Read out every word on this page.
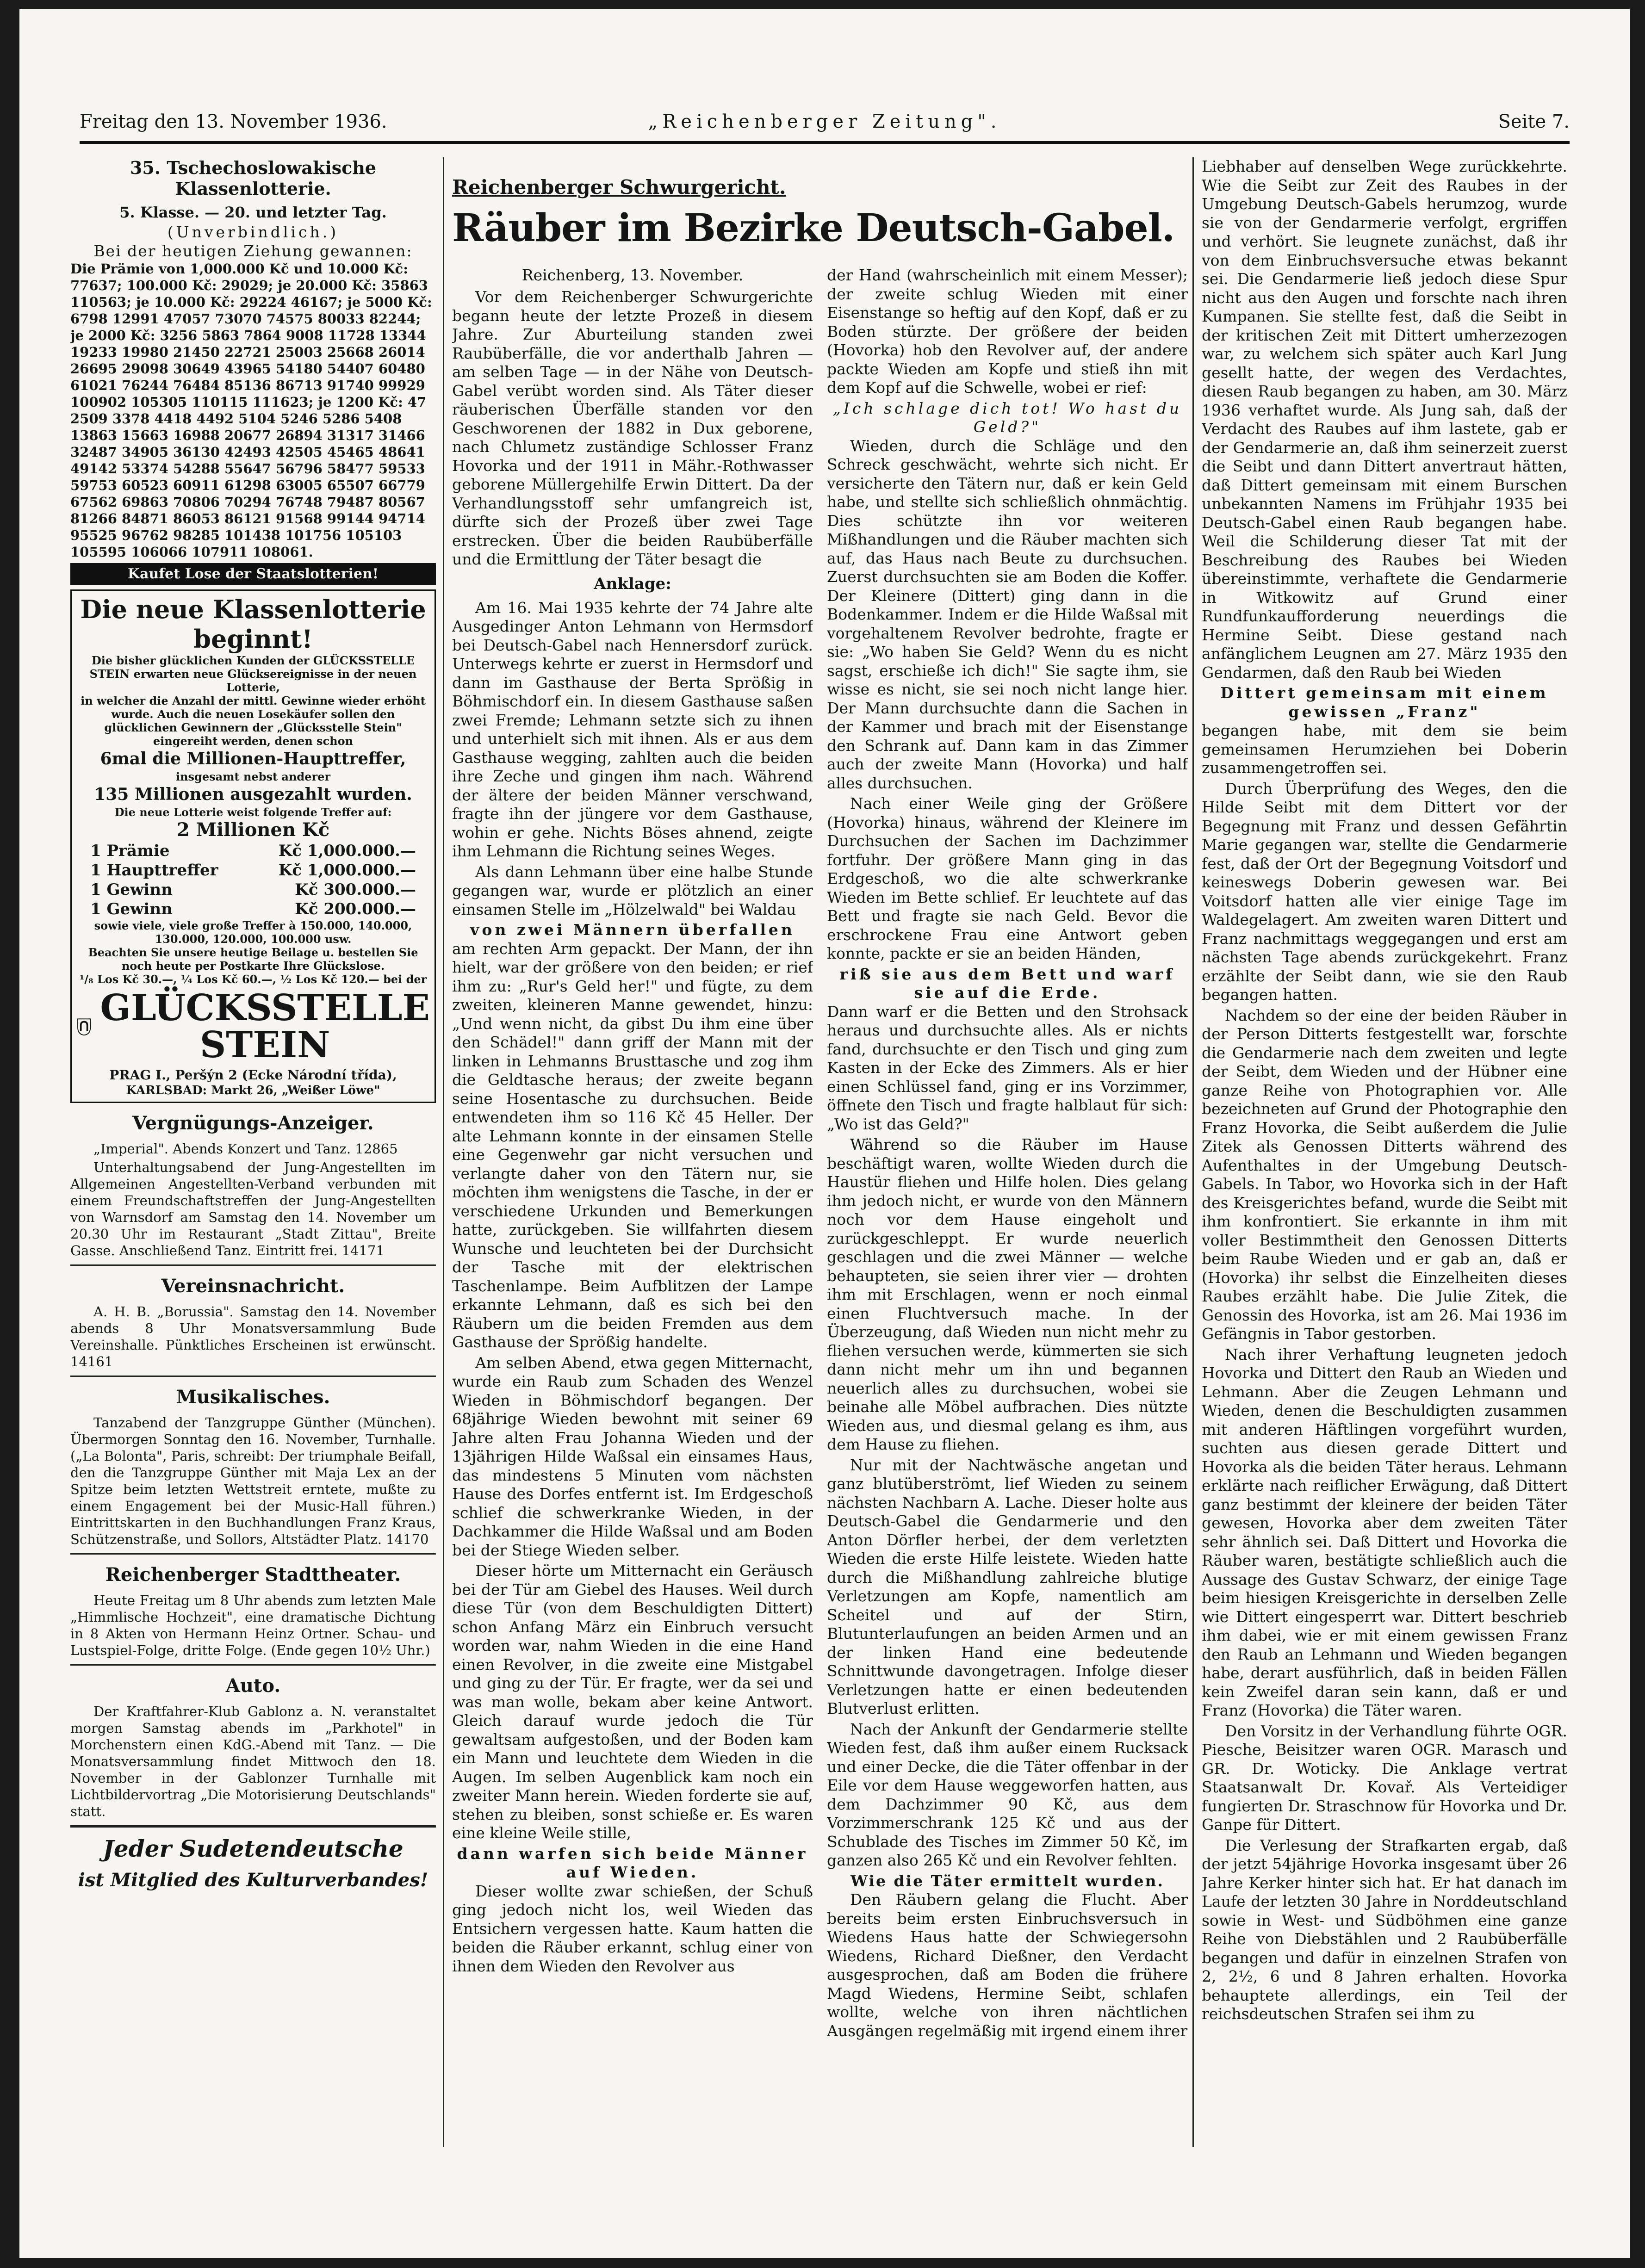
Freitag den 13. November 1936.	„Reichenberger Zeitung".	Seite 7.
35. Tschechoslowakische Klassenlotterie.
5. Klasse. — 20. und letzter Tag.
(Unverbindlich.)
Bei der heutigen Ziehung gewannen:
Die Prämie von 1,000.000 Kč und 10.000 Kč: 77637; 100.000 Kč: 29029; je 20.000 Kč: 35863 110563; je 10.000 Kč: 29224 46167; je 5000 Kč: 6798 12991 47057 73070 74575 80033 82244; je 2000 Kč: 3256 5863 7864 9008 11728 13344 19233 19980 21450 22721 25003 25668 26014 26695 29098 30649 43965 54180 54407 60480 61021 76244 76484 85136 86713 91740 99929 100902 105305 110115 111623; je 1200 Kč: 47 2509 3378 4418 4492 5104 5246 5286 5408 13863 15663 16988 20677 26894 31317 31466 32487 34905 36130 42493 42505 45465 48641 49142 53374 54288 55647 56796 58477 59533 59753 60523 60911 61298 63005 65507 66779 67562 69863 70806 70294 76748 79487 80567 81266 84871 86053 86121 91568 99144 94714 95525 96762 98285 101438 101756 105103 105595 106066 107911 108061.
Kaufet Lose der Staatslotterien!
Die neue Klassenlotterie beginnt!
Die bisher glücklichen Kunden der GLÜCKSSTELLE STEIN erwarten neue Glücksereignisse in der neuen Lotterie,
in welcher die Anzahl der mittl. Gewinne wieder erhöht wurde. Auch die neuen Losekäufer sollen den glücklichen Gewinnern der „Glücksstelle Stein" eingereiht werden, denen schon
6mal die Millionen-Haupttreffer,
insgesamt nebst anderer
135 Millionen ausgezahlt wurden.
Die neue Lotterie weist folgende Treffer auf:
2 Millionen Kč
1 Prämie	Kč 1,000.000.—
1 Haupttreffer	Kč 1,000.000.—
1 Gewinn	Kč 300.000.—
1 Gewinn	Kč 200.000.—
sowie viele, viele große Treffer à 150.000, 140.000, 130.000, 120.000, 100.000 usw.
Beachten Sie unsere heutige Beilage u. bestellen Sie noch heute per Postkarte Ihre Glückslose.
¹/₈ Los Kč 30.—, ¼ Los Kč 60.—, ½ Los Kč 120.— bei der
GLÜCKSSTELLE STEIN
PRAG I., Peršýn 2 (Ecke Národní třída),
KARLSBAD: Markt 26, „Weißer Löwe"
Vergnügungs-Anzeiger.

„Imperial". Abends Konzert und Tanz. 12865

Unterhaltungsabend der Jung-Angestellten im Allgemeinen Angestellten-Verband verbunden mit einem Freundschaftstreffen der Jung-Angestellten von Warnsdorf am Samstag den 14. November um 20.30 Uhr im Restaurant „Stadt Zittau", Breite Gasse. Anschließend Tanz. Eintritt frei. 14171

Vereinsnachricht.

A. H. B. „Borussia". Samstag den 14. November abends 8 Uhr Monatsversammlung Bude Vereinshalle. Pünktliches Erscheinen ist erwünscht. 14161

Musikalisches.

Tanzabend der Tanzgruppe Günther (München). Übermorgen Sonntag den 16. November, Turnhalle. („La Bolonta", Paris, schreibt: Der triumphale Beifall, den die Tanzgruppe Günther mit Maja Lex an der Spitze beim letzten Wettstreit erntete, mußte zu einem Engagement bei der Music-Hall führen.) Eintrittskarten in den Buchhandlungen Franz Kraus, Schützenstraße, und Sollors, Altstädter Platz. 14170

Reichenberger Stadttheater.

Heute Freitag um 8 Uhr abends zum letzten Male „Himmlische Hochzeit", eine dramatische Dichtung in 8 Akten von Hermann Heinz Ortner. Schau- und Lustspiel-Folge, dritte Folge. (Ende gegen 10½ Uhr.)

Auto.

Der Kraftfahrer-Klub Gablonz a. N. veranstaltet morgen Samstag abends im „Parkhotel" in Morchenstern einen KdG.-Abend mit Tanz. — Die Monatsversammlung findet Mittwoch den 18. November in der Gablonzer Turnhalle mit Lichtbildervortrag „Die Motorisierung Deutschlands" statt.

Jeder Sudetendeutsche
ist Mitglied des Kulturverbandes!
Reichenberger Schwurgericht.
Räuber im Bezirke Deutsch-Gabel.
Reichenberg, 13. November.

Vor dem Reichenberger Schwurgerichte begann heute der letzte Prozeß in diesem Jahre. Zur Aburteilung standen zwei Raubüberfälle, die vor anderthalb Jahren — am selben Tage — in der Nähe von Deutsch-Gabel verübt worden sind. Als Täter dieser räuberischen Überfälle standen vor den Geschworenen der 1882 in Dux geborene, nach Chlumetz zuständige Schlosser Franz Hovorka und der 1911 in Mähr.-Rothwasser geborene Müllergehilfe Erwin Dittert. Da der Verhandlungsstoff sehr umfangreich ist, dürfte sich der Prozeß über zwei Tage erstrecken. Über die beiden Raubüberfälle und die Ermittlung der Täter besagt die

Anklage:

Am 16. Mai 1935 kehrte der 74 Jahre alte Ausgedinger Anton Lehmann von Hermsdorf bei Deutsch-Gabel nach Hennersdorf zurück. Unterwegs kehrte er zuerst in Hermsdorf und dann im Gasthause der Berta Sprößig in Böhmischdorf ein. In diesem Gasthause saßen zwei Fremde; Lehmann setzte sich zu ihnen und unterhielt sich mit ihnen. Als er aus dem Gasthause wegging, zahlten auch die beiden ihre Zeche und gingen ihm nach. Während der ältere der beiden Männer verschwand, fragte ihn der jüngere vor dem Gasthause, wohin er gehe. Nichts Böses ahnend, zeigte ihm Lehmann die Richtung seines Weges.

Als dann Lehmann über eine halbe Stunde gegangen war, wurde er plötzlich an einer einsamen Stelle im „Hölzelwald" bei Waldau

von zwei Männern überfallen

am rechten Arm gepackt. Der Mann, der ihn hielt, war der größere von den beiden; er rief ihm zu: „Rur's Geld her!" und fügte, zu dem zweiten, kleineren Manne gewendet, hinzu: „Und wenn nicht, da gibst Du ihm eine über den Schädel!" dann griff der Mann mit der linken in Lehmanns Brusttasche und zog ihm die Geldtasche heraus; der zweite begann seine Hosentasche zu durchsuchen. Beide entwendeten ihm so 116 Kč 45 Heller. Der alte Lehmann konnte in der einsamen Stelle eine Gegenwehr gar nicht versuchen und verlangte daher von den Tätern nur, sie möchten ihm wenigstens die Tasche, in der er verschiedene Urkunden und Bemerkungen hatte, zurückgeben. Sie willfahrten diesem Wunsche und leuchteten bei der Durchsicht der Tasche mit der elektrischen Taschenlampe. Beim Aufblitzen der Lampe erkannte Lehmann, daß es sich bei den Räubern um die beiden Fremden aus dem Gasthause der Sprößig handelte.

Am selben Abend, etwa gegen Mitternacht, wurde ein Raub zum Schaden des Wenzel Wieden in Böhmischdorf begangen. Der 68jährige Wieden bewohnt mit seiner 69 Jahre alten Frau Johanna Wieden und der 13jährigen Hilde Waßsal ein einsames Haus, das mindestens 5 Minuten vom nächsten Hause des Dorfes entfernt ist. Im Erdgeschoß schlief die schwerkranke Wieden, in der Dachkammer die Hilde Waßsal und am Boden bei der Stiege Wieden selber.

Dieser hörte um Mitternacht ein Geräusch bei der Tür am Giebel des Hauses. Weil durch diese Tür (von dem Beschuldigten Dittert) schon Anfang März ein Einbruch versucht worden war, nahm Wieden in die eine Hand einen Revolver, in die zweite eine Mistgabel und ging zu der Tür. Er fragte, wer da sei und was man wolle, bekam aber keine Antwort. Gleich darauf wurde jedoch die Tür gewaltsam aufgestoßen, und der Boden kam ein Mann und leuchtete dem Wieden in die Augen. Im selben Augenblick kam noch ein zweiter Mann herein. Wieden forderte sie auf, stehen zu bleiben, sonst schieße er. Es waren eine kleine Weile stille,

dann warfen sich beide Männer auf Wieden.

Dieser wollte zwar schießen, der Schuß ging jedoch nicht los, weil Wieden das Entsichern vergessen hatte. Kaum hatten die beiden die Räuber erkannt, schlug einer von ihnen dem Wieden den Revolver aus

der Hand (wahrscheinlich mit einem Messer); der zweite schlug Wieden mit einer Eisenstange so heftig auf den Kopf, daß er zu Boden stürzte. Der größere der beiden (Hovorka) hob den Revolver auf, der andere packte Wieden am Kopfe und stieß ihn mit dem Kopf auf die Schwelle, wobei er rief:

„Ich schlage dich tot! Wo hast du Geld?"

Wieden, durch die Schläge und den Schreck geschwächt, wehrte sich nicht. Er versicherte den Tätern nur, daß er kein Geld habe, und stellte sich schließlich ohnmächtig. Dies schützte ihn vor weiteren Mißhandlungen und die Räuber machten sich auf, das Haus nach Beute zu durchsuchen. Zuerst durchsuchten sie am Boden die Koffer. Der Kleinere (Dittert) ging dann in die Bodenkammer. Indem er die Hilde Waßsal mit vorgehaltenem Revolver bedrohte, fragte er sie: „Wo haben Sie Geld? Wenn du es nicht sagst, erschieße ich dich!" Sie sagte ihm, sie wisse es nicht, sie sei noch nicht lange hier. Der Mann durchsuchte dann die Sachen in der Kammer und brach mit der Eisenstange den Schrank auf. Dann kam in das Zimmer auch der zweite Mann (Hovorka) und half alles durchsuchen.

Nach einer Weile ging der Größere (Hovorka) hinaus, während der Kleinere im Durchsuchen der Sachen im Dachzimmer fortfuhr. Der größere Mann ging in das Erdgeschoß, wo die alte schwerkranke Wieden im Bette schlief. Er leuchtete auf das Bett und fragte sie nach Geld. Bevor die erschrockene Frau eine Antwort geben konnte, packte er sie an beiden Händen,

riß sie aus dem Bett und warf sie auf die Erde.

Dann warf er die Betten und den Strohsack heraus und durchsuchte alles. Als er nichts fand, durchsuchte er den Tisch und ging zum Kasten in der Ecke des Zimmers. Als er hier einen Schlüssel fand, ging er ins Vorzimmer, öffnete den Tisch und fragte halblaut für sich: „Wo ist das Geld?"

Während so die Räuber im Hause beschäftigt waren, wollte Wieden durch die Haustür fliehen und Hilfe holen. Dies gelang ihm jedoch nicht, er wurde von den Männern noch vor dem Hause eingeholt und zurückgeschleppt. Er wurde neuerlich geschlagen und die zwei Männer — welche behaupteten, sie seien ihrer vier — drohten ihm mit Erschlagen, wenn er noch einmal einen Fluchtversuch mache. In der Überzeugung, daß Wieden nun nicht mehr zu fliehen versuchen werde, kümmerten sie sich dann nicht mehr um ihn und begannen neuerlich alles zu durchsuchen, wobei sie beinahe alle Möbel aufbrachen. Dies nützte Wieden aus, und diesmal gelang es ihm, aus dem Hause zu fliehen.

Nur mit der Nachtwäsche angetan und ganz blutüberströmt, lief Wieden zu seinem nächsten Nachbarn A. Lache. Dieser holte aus Deutsch-Gabel die Gendarmerie und den Anton Dörfler herbei, der dem verletzten Wieden die erste Hilfe leistete. Wieden hatte durch die Mißhandlung zahlreiche blutige Verletzungen am Kopfe, namentlich am Scheitel und auf der Stirn, Blutunterlaufungen an beiden Armen und an der linken Hand eine bedeutende Schnittwunde davongetragen. Infolge dieser Verletzungen hatte er einen bedeutenden Blutverlust erlitten.

Nach der Ankunft der Gendarmerie stellte Wieden fest, daß ihm außer einem Rucksack und einer Decke, die die Täter offenbar in der Eile vor dem Hause weggeworfen hatten, aus dem Dachzimmer 90 Kč, aus dem Vorzimmerschrank 125 Kč und aus der Schublade des Tisches im Zimmer 50 Kč, im ganzen also 265 Kč und ein Revolver fehlten.

Wie die Täter ermittelt wurden.

Den Räubern gelang die Flucht. Aber bereits beim ersten Einbruchsversuch in Wiedens Haus hatte der Schwiegersohn Wiedens, Richard Dießner, den Verdacht ausgesprochen, daß am Boden die frühere Magd Wiedens, Hermine Seibt, schlafen wollte, welche von ihren nächtlichen Ausgängen regelmäßig mit irgend einem ihrer

Liebhaber auf denselben Wege zurückkehrte. Wie die Seibt zur Zeit des Raubes in der Umgebung Deutsch-Gabels herumzog, wurde sie von der Gendarmerie verfolgt, ergriffen und verhört. Sie leugnete zunächst, daß ihr von dem Einbruchsversuche etwas bekannt sei. Die Gendarmerie ließ jedoch diese Spur nicht aus den Augen und forschte nach ihren Kumpanen. Sie stellte fest, daß die Seibt in der kritischen Zeit mit Dittert umherzezogen war, zu welchem sich später auch Karl Jung gesellt hatte, der wegen des Verdachtes, diesen Raub begangen zu haben, am 30. März 1936 verhaftet wurde. Als Jung sah, daß der Verdacht des Raubes auf ihm lastete, gab er der Gendarmerie an, daß ihm seinerzeit zuerst die Seibt und dann Dittert anvertraut hätten, daß Dittert gemeinsam mit einem Burschen unbekannten Namens im Frühjahr 1935 bei Deutsch-Gabel einen Raub begangen habe. Weil die Schilderung dieser Tat mit der Beschreibung des Raubes bei Wieden übereinstimmte, verhaftete die Gendarmerie in Witkowitz auf Grund einer Rundfunkaufforderung neuerdings die Hermine Seibt. Diese gestand nach anfänglichem Leugnen am 27. März 1935 den Gendarmen, daß den Raub bei Wieden

Dittert gemeinsam mit einem gewissen „Franz"

begangen habe, mit dem sie beim gemeinsamen Herumziehen bei Doberin zusammengetroffen sei.

Durch Überprüfung des Weges, den die Hilde Seibt mit dem Dittert vor der Begegnung mit Franz und dessen Gefährtin Marie gegangen war, stellte die Gendarmerie fest, daß der Ort der Begegnung Voitsdorf und keineswegs Doberin gewesen war. Bei Voitsdorf hatten alle vier einige Tage im Waldegelagert. Am zweiten waren Dittert und Franz nachmittags weggegangen und erst am nächsten Tage abends zurückgekehrt. Franz erzählte der Seibt dann, wie sie den Raub begangen hatten.

Nachdem so der eine der beiden Räuber in der Person Ditterts festgestellt war, forschte die Gendarmerie nach dem zweiten und legte der Seibt, dem Wieden und der Hübner eine ganze Reihe von Photographien vor. Alle bezeichneten auf Grund der Photographie den Franz Hovorka, die Seibt außerdem die Julie Zitek als Genossen Ditterts während des Aufenthaltes in der Umgebung Deutsch-Gabels. In Tabor, wo Hovorka sich in der Haft des Kreisgerichtes befand, wurde die Seibt mit ihm konfrontiert. Sie erkannte in ihm mit voller Bestimmtheit den Genossen Ditterts beim Raube Wieden und er gab an, daß er (Hovorka) ihr selbst die Einzelheiten dieses Raubes erzählt habe. Die Julie Zitek, die Genossin des Hovorka, ist am 26. Mai 1936 im Gefängnis in Tabor gestorben.

Nach ihrer Verhaftung leugneten jedoch Hovorka und Dittert den Raub an Wieden und Lehmann. Aber die Zeugen Lehmann und Wieden, denen die Beschuldigten zusammen mit anderen Häftlingen vorgeführt wurden, suchten aus diesen gerade Dittert und Hovorka als die beiden Täter heraus. Lehmann erklärte nach reiflicher Erwägung, daß Dittert ganz bestimmt der kleinere der beiden Täter gewesen, Hovorka aber dem zweiten Täter sehr ähnlich sei. Daß Dittert und Hovorka die Räuber waren, bestätigte schließlich auch die Aussage des Gustav Schwarz, der einige Tage beim hiesigen Kreisgerichte in derselben Zelle wie Dittert eingesperrt war. Dittert beschrieb ihm dabei, wie er mit einem gewissen Franz den Raub an Lehmann und Wieden begangen habe, derart ausführlich, daß in beiden Fällen kein Zweifel daran sein kann, daß er und Franz (Hovorka) die Täter waren.

Den Vorsitz in der Verhandlung führte OGR. Piesche, Beisitzer waren OGR. Marasch und GR. Dr. Woticky. Die Anklage vertrat Staatsanwalt Dr. Kovař. Als Verteidiger fungierten Dr. Straschnow für Hovorka und Dr. Ganpe für Dittert.

Die Verlesung der Strafkarten ergab, daß der jetzt 54jährige Hovorka insgesamt über 26 Jahre Kerker hinter sich hat. Er hat danach im Laufe der letzten 30 Jahre in Norddeutschland sowie in West- und Südböhmen eine ganze Reihe von Diebstählen und 2 Raubüberfälle begangen und dafür in einzelnen Strafen von 2, 2½, 6 und 8 Jahren erhalten. Hovorka behauptete allerdings, ein Teil der reichsdeutschen Strafen sei ihm zu
